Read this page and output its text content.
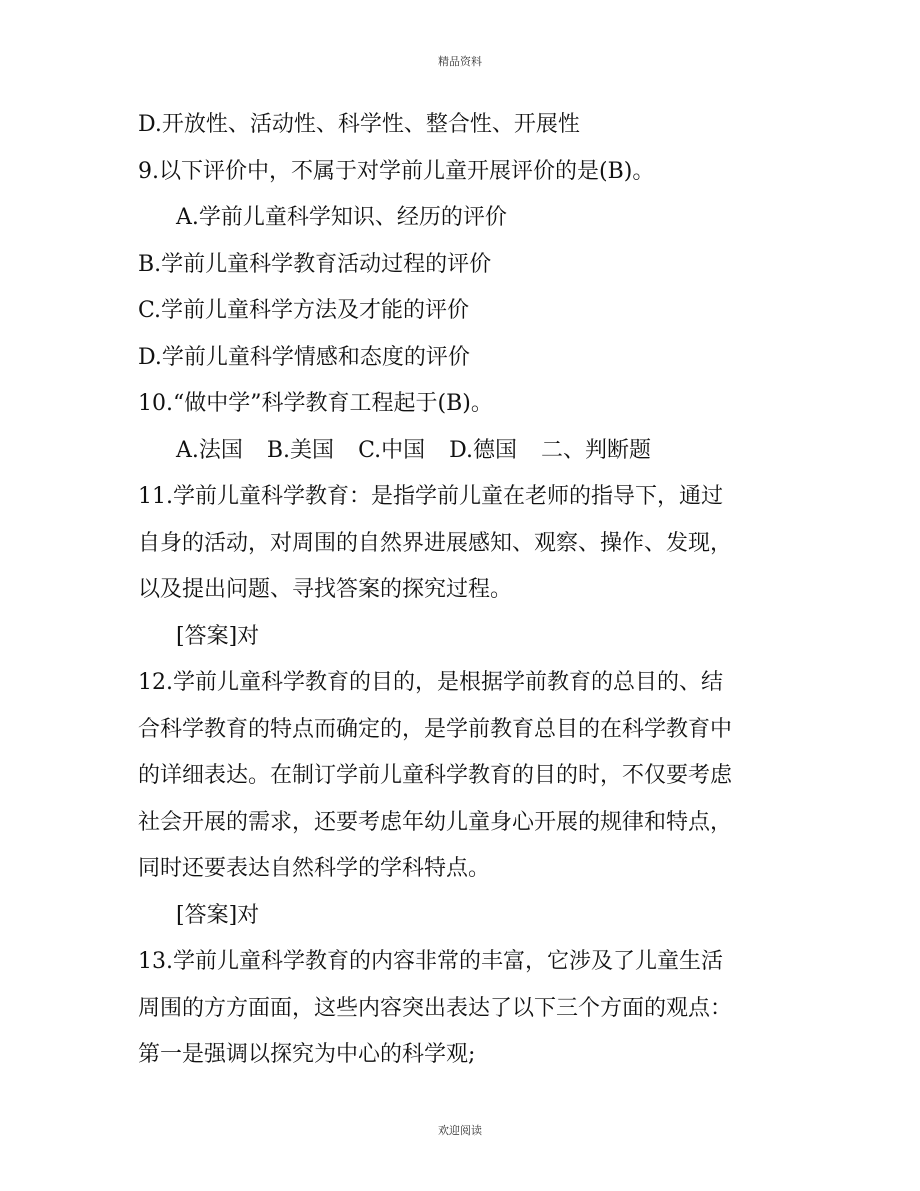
精品资料
D.开放性、活动性、科学性、整合性、开展性
9.以下评价中，不属于对学前儿童开展评价的是(B)。
A.学前儿童科学知识、经历的评价
B.学前儿童科学教育活动过程的评价
C.学前儿童科学方法及才能的评价
D.学前儿童科学情感和态度的评价
10.“做中学”科学教育工程起于(B)。
A.法国 B.美国 C.中国 D.德国 二、判断题
11.学前儿童科学教育：是指学前儿童在老师的指导下，通过
自身的活动，对周围的自然界进展感知、观察、操作、发现，
以及提出问题、寻找答案的探究过程。
[答案]对
12.学前儿童科学教育的目的，是根据学前教育的总目的、结
合科学教育的特点而确定的，是学前教育总目的在科学教育中
的详细表达。在制订学前儿童科学教育的目的时，不仅要考虑
社会开展的需求，还要考虑年幼儿童身心开展的规律和特点，
同时还要表达自然科学的学科特点。
[答案]对
13.学前儿童科学教育的内容非常的丰富，它涉及了儿童生活
周围的方方面面，这些内容突出表达了以下三个方面的观点：
第一是强调以探究为中心的科学观;
欢迎阅读
